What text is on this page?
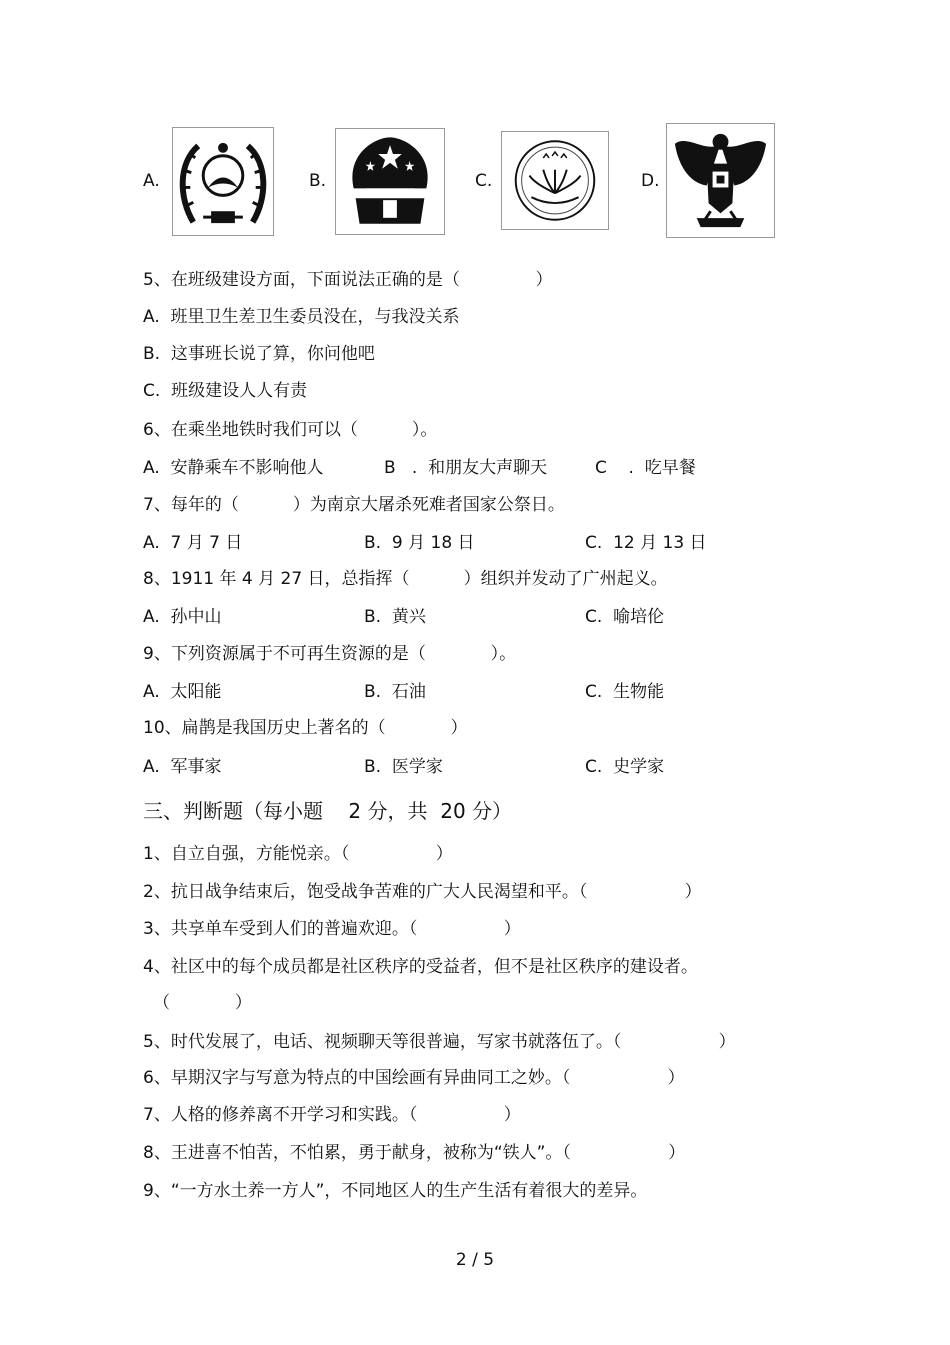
A.	B.	C.	D.
5、在班级建设方面，下面说法正确的是（              ）
A.  班里卫生差卫生委员没在，与我没关系
B.  这事班长说了算，你问他吧
C.  班级建设人人有责
6、在乘坐地铁时我们可以（          ）。
A.  安静乘车不影响他人	B   .  和朋友大声聊天	C    .  吃早餐
7、每年的（          ）为南京大屠杀死难者国家公祭日。
A.  7 月 7 日	B.  9 月 18 日	C.  12 月 13 日
8、1911 年 4 月 27 日，总指挥（          ）组织并发动了广州起义。
A.  孙中山	B.  黄兴	C.  喻培伦
9、下列资源属于不可再生资源的是（            ）。
A.  太阳能	B.  石油	C.  生物能
10、扁鹊是我国历史上著名的（            ）
A.  军事家	B.  医学家	C.  史学家
三、判断题（每小题    2 分，共  20 分）
1、自立自强，方能悦亲。（                ）
2、抗日战争结束后，饱受战争苦难的广大人民渴望和平。（                  ）
3、共享单车受到人们的普遍欢迎。（                ）
4、社区中的每个成员都是社区秩序的受益者，但不是社区秩序的建设者。
（            ）
5、时代发展了，电话、视频聊天等很普遍，写家书就落伍了。（                  ）
6、早期汉字与写意为特点的中国绘画有异曲同工之妙。（                  ）
7、人格的修养离不开学习和实践。（                ）
8、王进喜不怕苦，不怕累，勇于献身，被称为“铁人”。（                  ）
9、“一方水土养一方人”，不同地区人的生产生活有着很大的差异。
2 / 5
